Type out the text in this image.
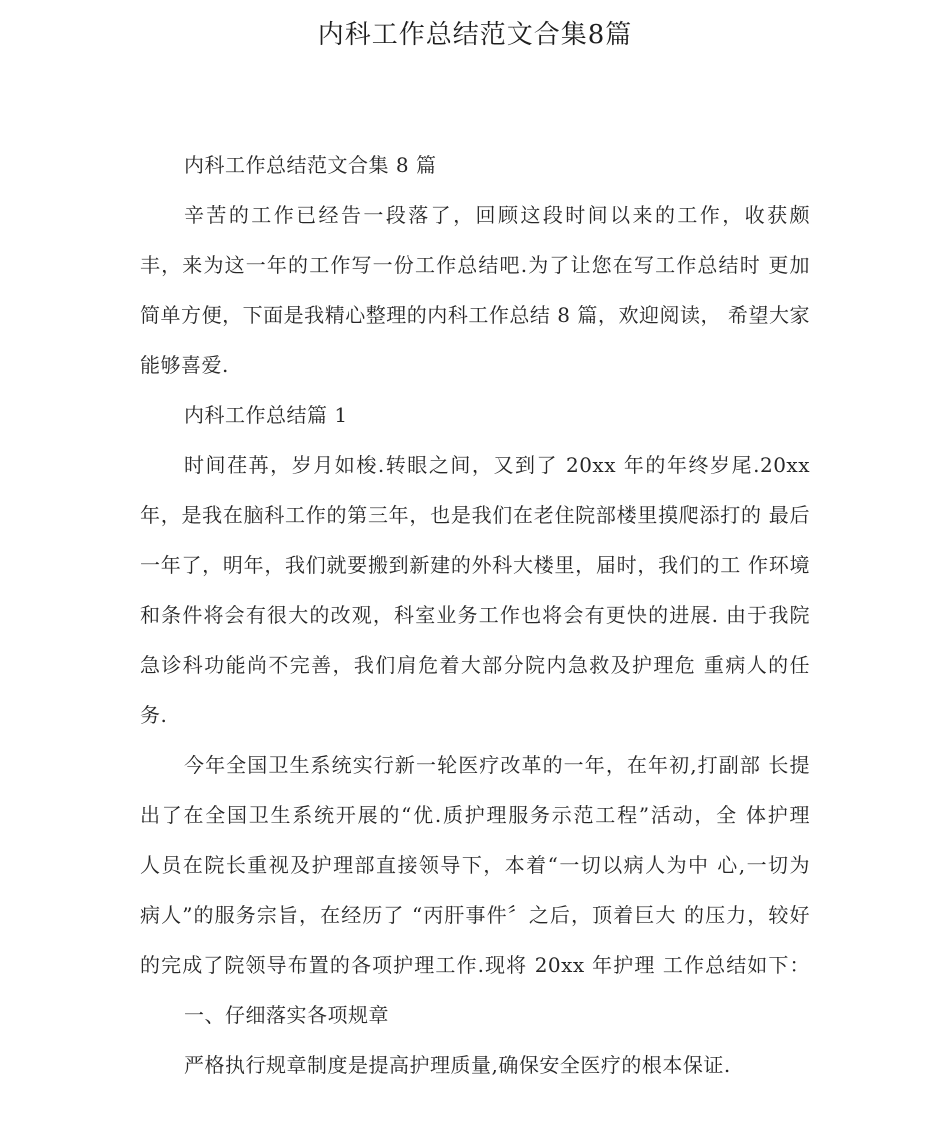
内科工作总结范文合集8篇
内科工作总结范文合集 8 篇
辛苦的工作已经告一段落了，回顾这段时间以来的工作，收获颇
丰，来为这一年的工作写一份工作总结吧.为了让您在写工作总结时 更加
简单方便，下面是我精心整理的内科工作总结 8 篇，欢迎阅读， 希望大家
能够喜爱.
内科工作总结篇 1
时间荏苒，岁月如梭.转眼之间，又到了 20xx 年的年终岁尾.20xx
年，是我在脑科工作的第三年，也是我们在老住院部楼里摸爬添打的 最后
一年了，明年，我们就要搬到新建的外科大楼里，届时，我们的工 作环境
和条件将会有很大的改观，科室业务工作也将会有更快的进展. 由于我院
急诊科功能尚不完善，我们肩危着大部分院内急救及护理危 重病人的任
务.
今年全国卫生系统实行新一轮医疗改革的一年，在年初,打副部 长提
出了在全国卫生系统开展的“优.质护理服务示范工程”活动，全 体护理
人员在院长重视及护理部直接领导下，本着“一切以病人为中 心,一切为
病人”的服务宗旨，在经历了 “丙肝事件〞之后，顶着巨大 的压力，较好
的完成了院领导布置的各项护理工作.现将 20xx 年护理 工作总结如下：
一、仔细落实各项规章
严格执行规章制度是提高护理质量,确保安全医疗的根本保证.
